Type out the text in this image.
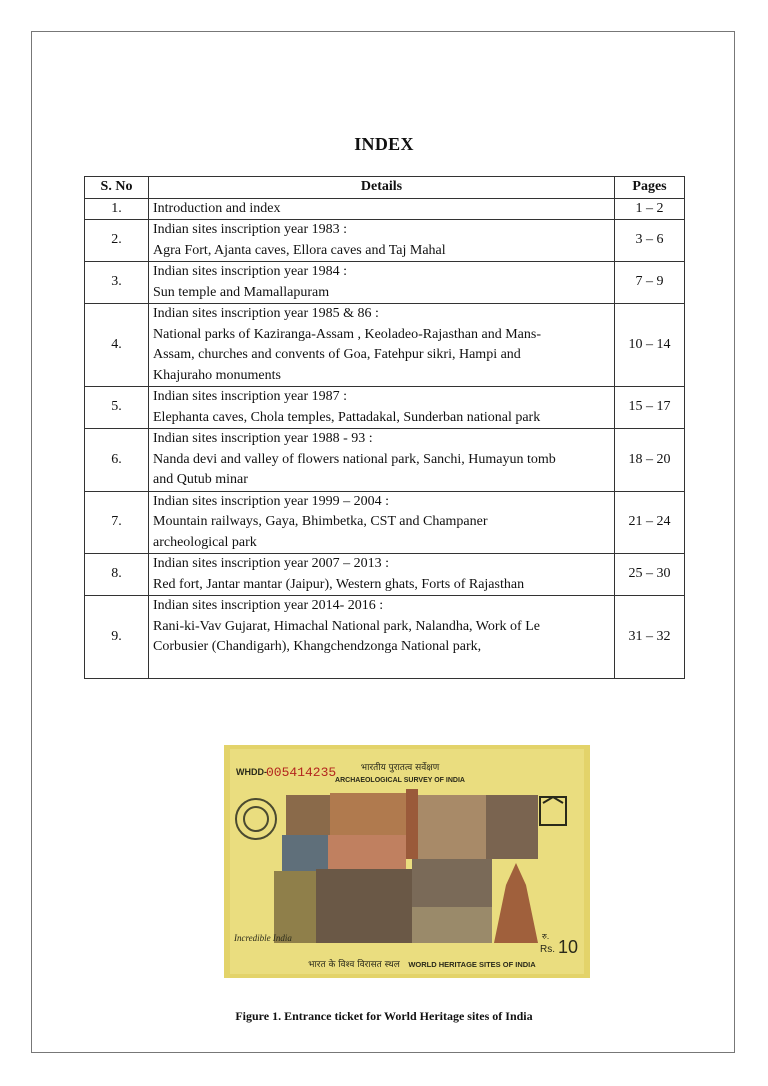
INDEX
S. No	Details	Pages
1.	Introduction and index	1 – 2
2.	Indian sites inscription year 1983 :
Agra Fort, Ajanta caves, Ellora caves and Taj Mahal	3 – 6
3.	Indian sites inscription year 1984 :
Sun temple and Mamallapuram	7 – 9
4.	Indian sites inscription year 1985 & 86 :
National parks of Kaziranga-Assam , Keoladeo-Rajasthan and Mans-
Assam, churches and convents of Goa, Fatehpur sikri, Hampi and
Khajuraho monuments	10 – 14
5.	Indian sites inscription year 1987 :
Elephanta caves, Chola temples, Pattadakal, Sunderban national park	15 – 17
6.	Indian sites inscription year 1988 - 93 :
Nanda devi and valley of flowers national park, Sanchi, Humayun tomb
and Qutub minar	18 – 20
7.	Indian sites inscription year 1999 – 2004 :
Mountain railways, Gaya, Bhimbetka, CST and Champaner
archeological park	21 – 24
8.	Indian sites inscription year 2007 – 2013 :
Red fort, Jantar mantar (Jaipur), Western ghats, Forts of Rajasthan	25 – 30
9.	Indian sites inscription year 2014- 2016 :
Rani-ki-Vav Gujarat, Himachal National park, Nalandha, Work of Le
Corbusier (Chandigarh), Khangchendzonga National park,	31 – 32
WHDD- 005414235	भारतीय पुरातत्व सर्वेक्षण
ARCHAEOLOGICAL SURVEY OF INDIA
Incredible India	रु.
Rs. 10
भारत के विश्व विरासत स्थल WORLD HERITAGE SITES OF INDIA
Figure 1. Entrance ticket for World Heritage sites of India
